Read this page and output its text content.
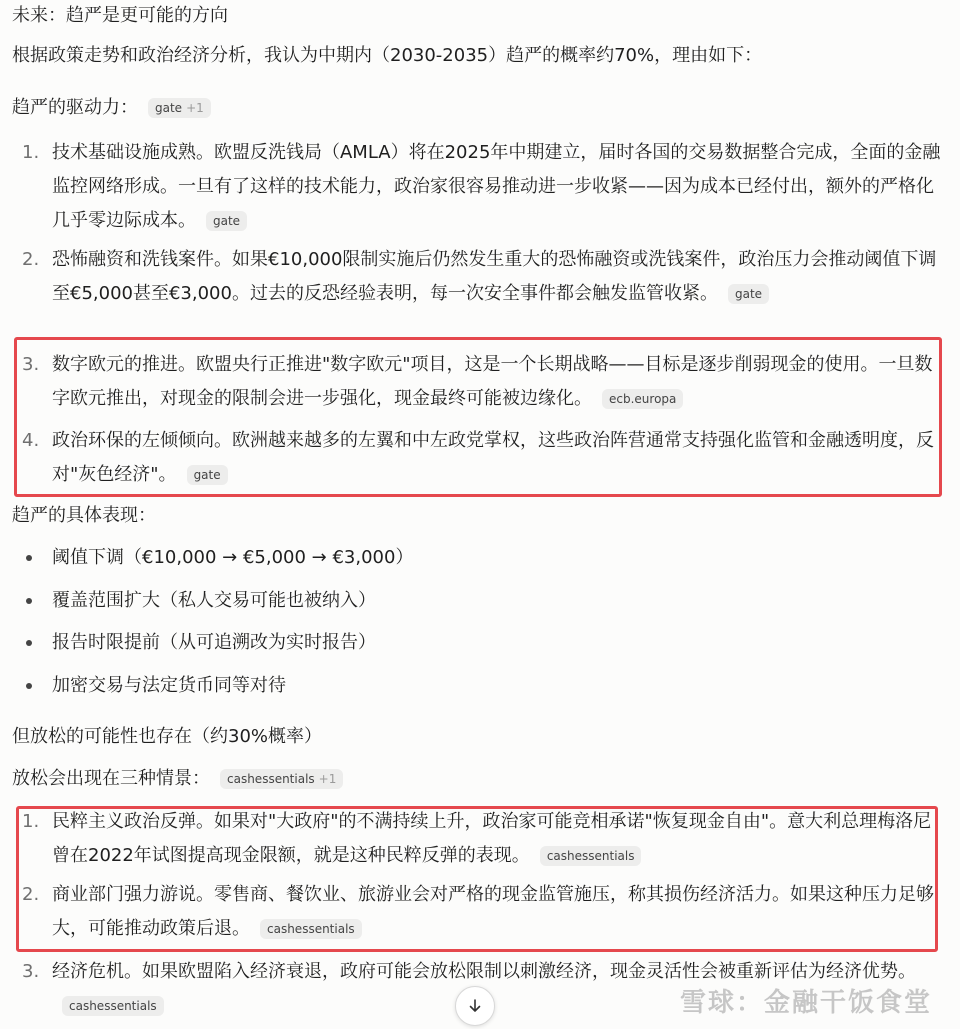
未来：趋严是更可能的方向
根据政策走势和政治经济分析，我认为中期内（2030-2035）趋严的概率约70%，理由如下：
趋严的驱动力： gate +1
1. 技术基础设施成熟。欧盟反洗钱局（AMLA）将在2025年中期建立，届时各国的交易数据整合完成，全面的金融监控网络形成。一旦有了这样的技术能力，政治家很容易推动进一步收紧——因为成本已经付出，额外的严格化几乎零边际成本。 gate
2. 恐怖融资和洗钱案件。如果€10,000限制实施后仍然发生重大的恐怖融资或洗钱案件，政治压力会推动阈值下调至€5,000甚至€3,000。过去的反恐经验表明，每一次安全事件都会触发监管收紧。 gate
3. 数字欧元的推进。欧盟央行正推进"数字欧元"项目，这是一个长期战略——目标是逐步削弱现金的使用。一旦数字欧元推出，对现金的限制会进一步强化，现金最终可能被边缘化。 ecb.europa
4. 政治环保的左倾倾向。欧洲越来越多的左翼和中左政党掌权，这些政治阵营通常支持强化监管和金融透明度，反对"灰色经济"。 gate
趋严的具体表现：
阈值下调（€10,000 → €5,000 → €3,000）
覆盖范围扩大（私人交易可能也被纳入）
报告时限提前（从可追溯改为实时报告）
加密交易与法定货币同等对待
但放松的可能性也存在（约30%概率）
放松会出现在三种情景： cashessentials +1
1. 民粹主义政治反弹。如果对"大政府"的不满持续上升，政治家可能竞相承诺"恢复现金自由"。意大利总理梅洛尼曾在2022年试图提高现金限额，就是这种民粹反弹的表现。 cashessentials
2. 商业部门强力游说。零售商、餐饮业、旅游业会对严格的现金监管施压，称其损伤经济活力。如果这种压力足够大，可能推动政策后退。 cashessentials
3. 经济危机。如果欧盟陷入经济衰退，政府可能会放松限制以刺激经济，现金灵活性会被重新评估为经济优势。cashessentials	雪球：金融干饭食堂
